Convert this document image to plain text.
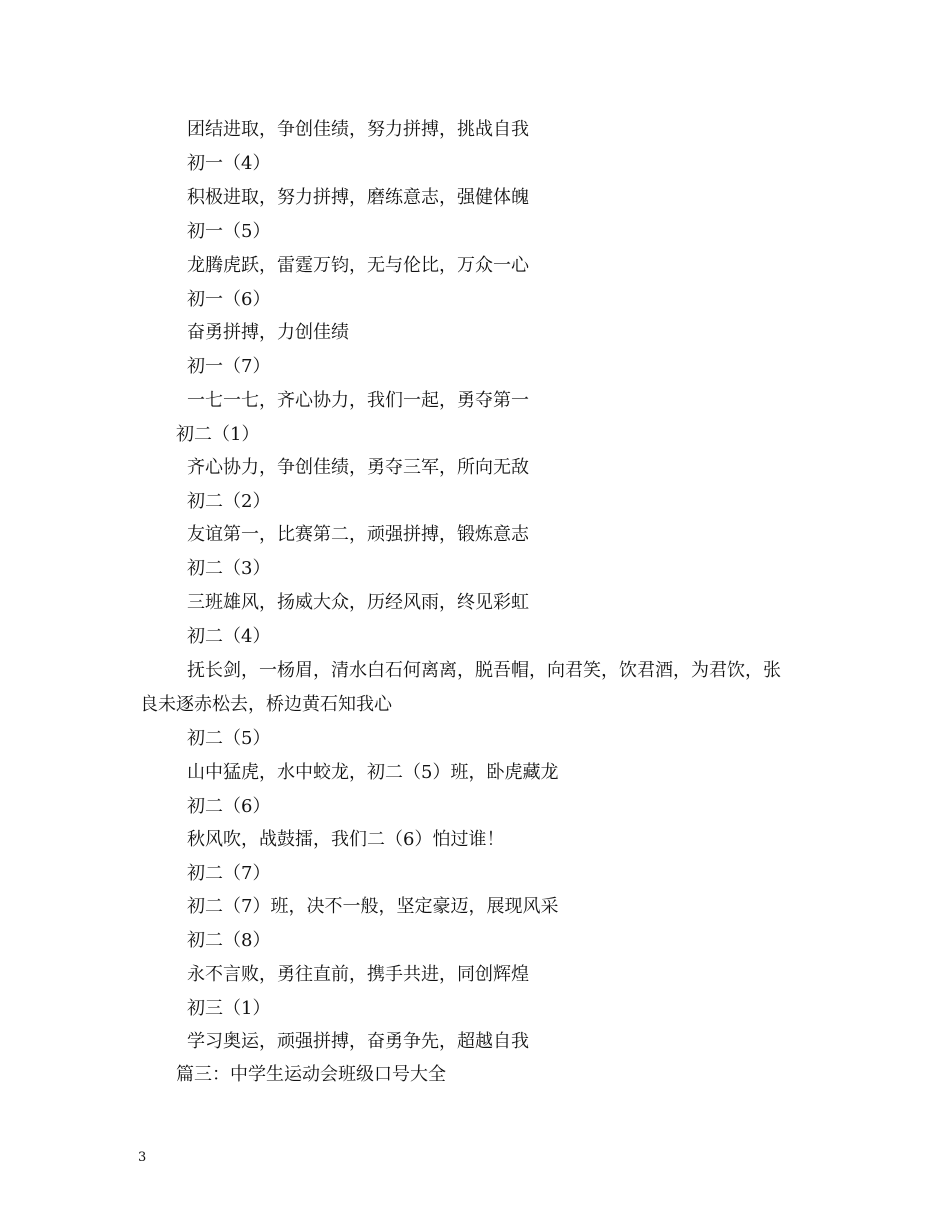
团结进取，争创佳绩，努力拼搏，挑战自我
初一（4）
积极进取，努力拼搏，磨练意志，强健体魄
初一（5）
龙腾虎跃，雷霆万钧，无与伦比，万众一心
初一（6）
奋勇拼搏，力创佳绩
初一（7）
一七一七，齐心协力，我们一起，勇夺第一
初二（1）
齐心协力，争创佳绩，勇夺三军，所向无敌
初二（2）
友谊第一，比赛第二，顽强拼搏，锻炼意志
初二（3）
三班雄风，扬威大众，历经风雨，终见彩虹
初二（4）
抚长剑，一杨眉，清水白石何离离，脱吾帽，向君笑，饮君酒，为君饮，张
良未逐赤松去，桥边黄石知我心
初二（5）
山中猛虎，水中蛟龙，初二（5）班，卧虎藏龙
初二（6）
秋风吹，战鼓擂，我们二（6）怕过谁！
初二（7）
初二（7）班，决不一般，坚定豪迈，展现风采
初二（8）
永不言败，勇往直前，携手共进，同创辉煌
初三（1）
学习奥运，顽强拼搏，奋勇争先，超越自我
篇三：中学生运动会班级口号大全
3
